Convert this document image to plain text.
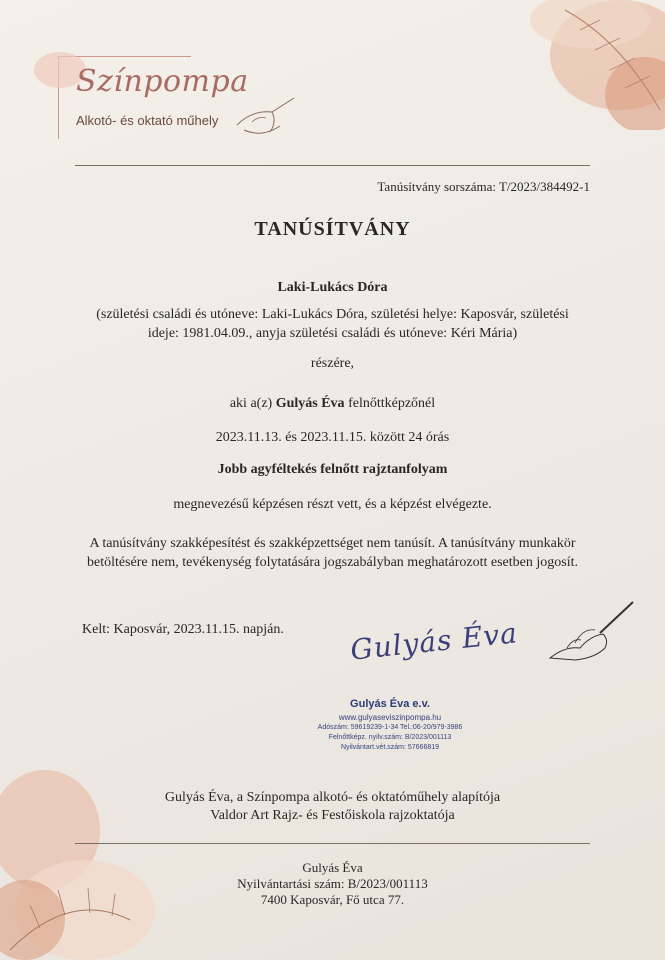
Színpompa
Alkotó- és oktató műhely
Tanúsítvány sorszáma: T/2023/384492-1
TANÚSÍTVÁNY
Laki-Lukács Dóra
(születési családi és utóneve: Laki-Lukács Dóra, születési helye: Kaposvár, születési
ideje: 1981.04.09., anyja születési családi és utóneve: Kéri Mária)
részére,
aki a(z) Gulyás Éva felnőttképzőnél
2023.11.13. és 2023.11.15. között 24 órás
Jobb agyféltekés felnőtt rajztanfolyam
megnevezésű képzésen részt vett, és a képzést elvégezte.
A tanúsítvány szakképesítést és szakképzettséget nem tanúsít. A tanúsítvány munkakör
betöltésére nem, tevékenység folytatására jogszabályban meghatározott esetben jogosít.
Kelt: Kaposvár, 2023.11.15. napján. Gulyás Éva
Gulyás Éva e.v.
www.gulyaseviszinpompa.hu
Adószám: 59619239-1-34 Tel.:06-20/979-3986
Felnőttképz. nyilv.szám: B/2023/001113
Nyilvántart.vét.szám: 57666819
Gulyás Éva, a Színpompa alkotó- és oktatóműhely alapítója
Valdor Art Rajz- és Festőiskola rajzoktatója
Gulyás Éva
Nyilvántartási szám: B/2023/001113
7400 Kaposvár, Fő utca 77.
